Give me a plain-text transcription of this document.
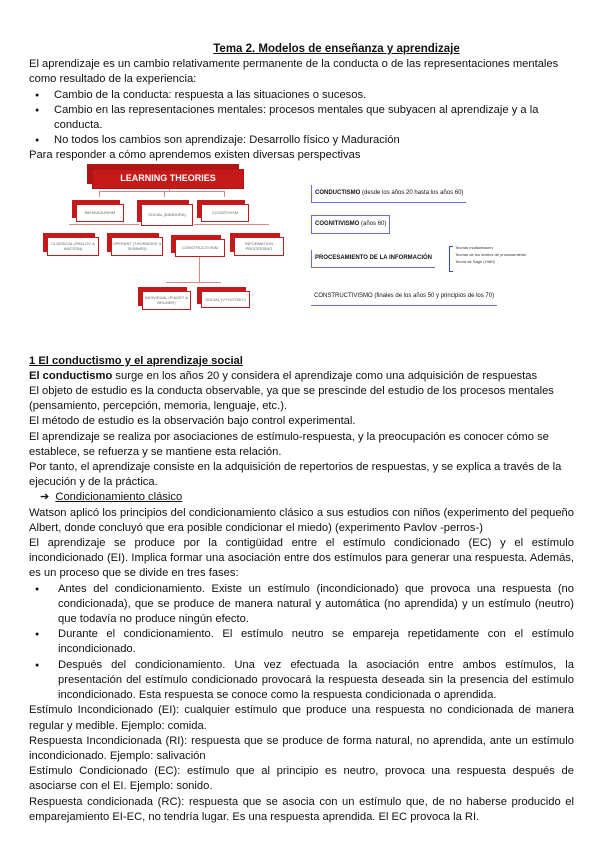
Tema 2. Modelos de enseñanza y aprendizaje

El aprendizaje es un cambio relativamente permanente de la conducta o de las representaciones mentales como resultado de la experiencia:

● Cambio de la conducta: respuesta a las situaciones o sucesos.
● Cambio en las representaciones mentales: procesos mentales que subyacen al aprendizaje y a la conducta.
● No todos los cambios son aprendizaje: Desarrollo físico y Maduración

Para responder a cómo aprendemos existen diversas perspectivas

LEARNING THEORIES
BEHAVIOURISM	SOCIAL (BANDURA)	COGNITIVISM
CLASSICAL (PAVLOV & WATSON)
OPERANT (THORNDIKE & SKINNER)	CONSTRUCTIVISM
INFORMATION PROCESSING
INDIVIDUAL (PIAGET & BRUNER)
SOCIAL (VYGOTSKY)
CONDUCTISMO (desde los años 20 hasta los años 60)
COGNITIVISMO (años 60)
PROCESAMIENTO DE LA INFORMACIÓN
Teorías multialmacén
Teorías de los niveles de procesamiento
Teoría de Sage (1980)
CONSTRUCTIVISMO (finales de los años 50 y principios de los 70)

1 El conductismo y el aprendizaje social

El conductismo surge en los años 20 y considera el aprendizaje como una adquisición de respuestas

El objeto de estudio es la conducta observable, ya que se prescinde del estudio de los procesos mentales (pensamiento, percepción, memoria, lenguaje, etc.).

El método de estudio es la observación bajo control experimental.

El aprendizaje se realiza por asociaciones de estímulo-respuesta, y la preocupación es conocer cómo se establece, se refuerza y se mantiene esta relación.

Por tanto, el aprendizaje consiste en la adquisición de repertorios de respuestas, y se explica a través de la ejecución y de la práctica.

➔ Condicionamiento clásico

Watson aplicó los principios del condicionamiento clásico a sus estudios con niños (experimento del pequeño Albert, donde concluyó que era posible condicionar el miedo) (experimento Pavlov -perros-)

El aprendizaje se produce por la contigüidad entre el estímulo condicionado (EC) y el estímulo incondicionado (EI). Implica formar una asociación entre dos estímulos para generar una respuesta. Además, es un proceso que se divide en tres fases:

● Antes del condicionamiento. Existe un estímulo (incondicionado) que provoca una respuesta (no condicionada), que se produce de manera natural y automática (no aprendida) y un estímulo (neutro) que todavía no produce ningún efecto.
● Durante el condicionamiento. El estímulo neutro se empareja repetidamente con el estímulo incondicionado.
● Después del condicionamiento. Una vez efectuada la asociación entre ambos estímulos, la presentación del estímulo condicionado provocará la respuesta deseada sin la presencia del estímulo incondicionado. Esta respuesta se conoce como la respuesta condicionada o aprendida.

Estímulo Incondicionado (EI): cualquier estímulo que produce una respuesta no condicionada de manera regular y medible. Ejemplo: comida.

Respuesta Incondicionada (RI): respuesta que se produce de forma natural, no aprendida, ante un estímulo incondicionado. Ejemplo: salivación

Estímulo Condicionado (EC): estímulo que al principio es neutro, provoca una respuesta después de asociarse con el EI. Ejemplo: sonido.

Respuesta condicionada (RC): respuesta que se asocia con un estímulo que, de no haberse producido el emparejamiento EI-EC, no tendría lugar. Es una respuesta aprendida. El EC provoca la RI.
